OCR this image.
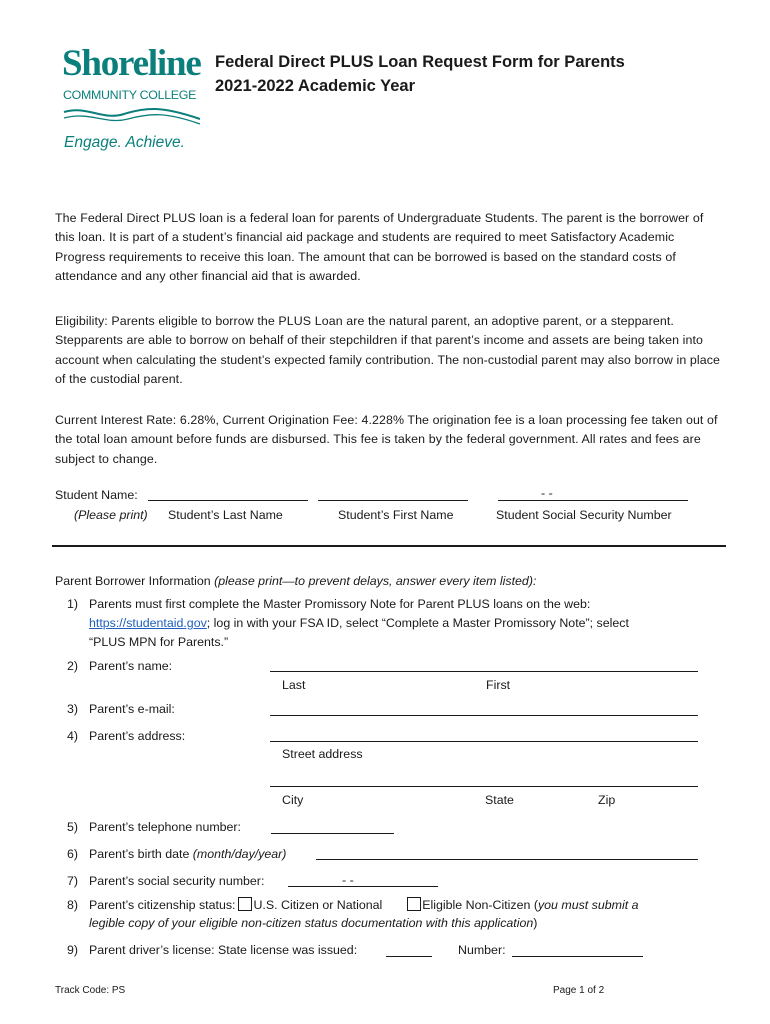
Shoreline
COMMUNITY COLLEGE
Engage. Achieve.
Federal Direct PLUS Loan Request Form for Parents
2021-2022 Academic Year
The Federal Direct PLUS loan is a federal loan for parents of Undergraduate Students. The parent is the borrower of this loan. It is part of a student’s financial aid package and students are required to meet Satisfactory Academic Progress requirements to receive this loan. The amount that can be borrowed is based on the standard costs of attendance and any other financial aid that is awarded.
Eligibility: Parents eligible to borrow the PLUS Loan are the natural parent, an adoptive parent, or a stepparent. Stepparents are able to borrow on behalf of their stepchildren if that parent’s income and assets are being taken into account when calculating the student’s expected family contribution. The non-custodial parent may also borrow in place of the custodial parent.
Current Interest Rate: 6.28%, Current Origination Fee: 4.228% The origination fee is a loan processing fee taken out of the total loan amount before funds are disbursed. This fee is taken by the federal government. All rates and fees are subject to change.
Student Name:	- -
(Please print) Student’s Last Name	Student’s First Name	Student Social Security Number
Parent Borrower Information (please print—to prevent delays, answer every item listed):
1) Parents must first complete the Master Promissory Note for Parent PLUS loans on the web:
https://studentaid.gov; log in with your FSA ID, select “Complete a Master Promissory Note”; select
“PLUS MPN for Parents.”
2) Parent’s name:
Last	First
3) Parent’s e-mail:
4) Parent’s address:
Street address
City	State	Zip
5) Parent’s telephone number:
6) Parent’s birth date (month/day/year)
7) Parent’s social security number:	- -
8) Parent’s citizenship status: U.S. Citizen or National	Eligible Non-Citizen (you must submit a
legible copy of your eligible non-citizen status documentation with this application)
9) Parent driver’s license: State license was issued:	Number:
Track Code: PS	Page 1 of 2
